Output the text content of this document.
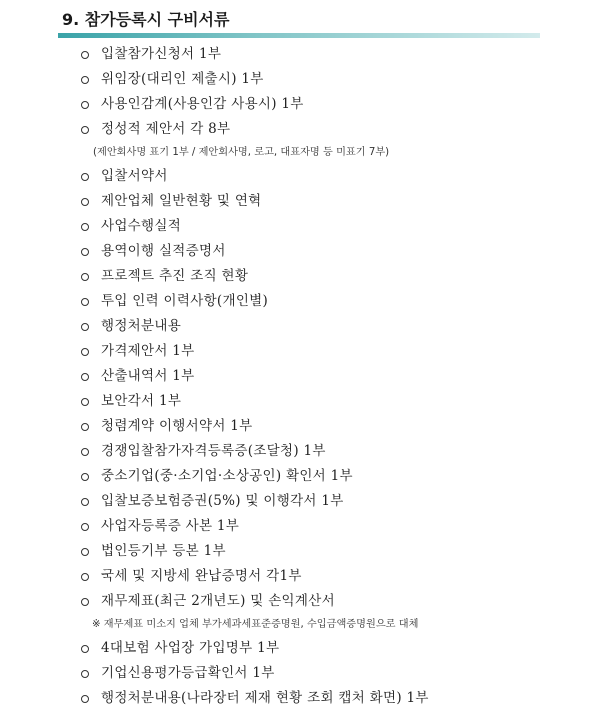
9. 참가등록시 구비서류
입찰참가신청서 1부
위임장(대리인 제출시) 1부
사용인감계(사용인감 사용시) 1부
정성적 제안서 각 8부
(제안회사명 표기 1부 / 제안회사명, 로고, 대표자명 등 미표기 7부)
입찰서약서
제안업체 일반현황 및 연혁
사업수행실적
용역이행 실적증명서
프로젝트 추진 조직 현황
투입 인력 이력사항(개인별)
행정처분내용
가격제안서 1부
산출내역서 1부
보안각서 1부
청렴계약 이행서약서 1부
경쟁입찰참가자격등록증(조달청) 1부
중소기업(중·소기업·소상공인) 확인서 1부
입찰보증보험증권(5%) 및 이행각서 1부
사업자등록증 사본 1부
법인등기부 등본 1부
국세 및 지방세 완납증명서 각1부
재무제표(최근 2개년도) 및 손익계산서
※ 재무제표 미소지 업체 부가세과세표준증명원, 수입금액증명원으로 대체
4대보험 사업장 가입명부 1부
기업신용평가등급확인서 1부
행정처분내용(나라장터 제재 현황 조회 캡처 화면) 1부
